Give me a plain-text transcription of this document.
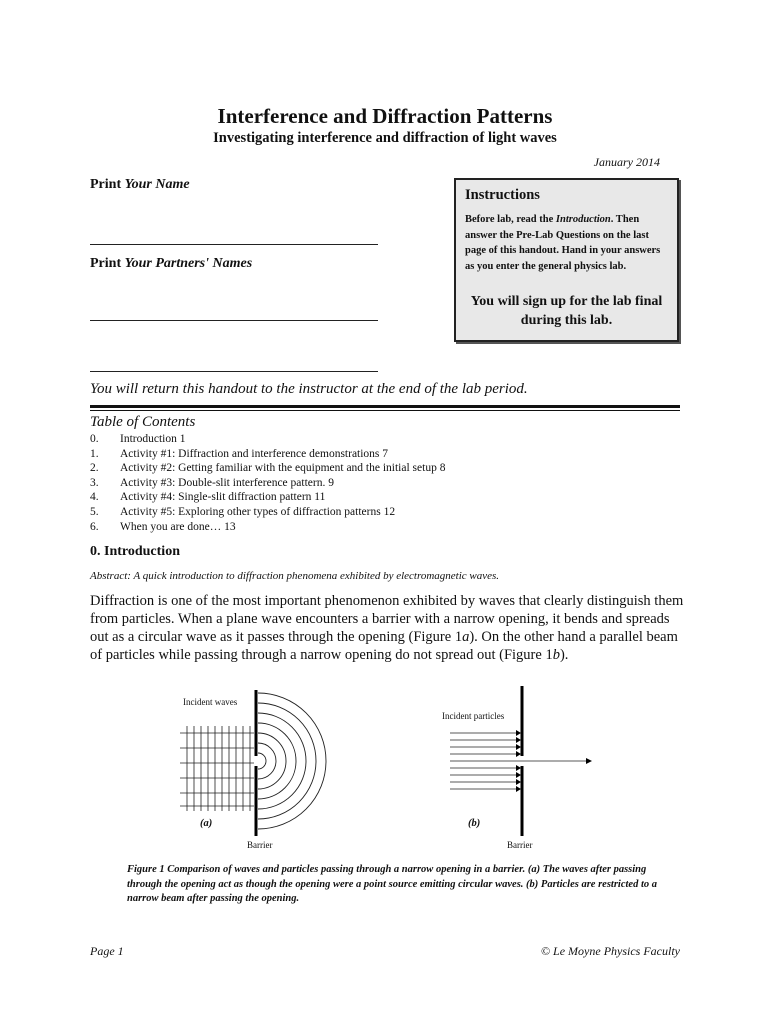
Interference and Diffraction Patterns
Investigating interference and diffraction of light waves
January 2014
Print Your Name
Print Your Partners' Names
Instructions
Before lab, read the Introduction. Then answer the Pre-Lab Questions on the last page of this handout. Hand in your answers as you enter the general physics lab.
You will sign up for the lab final during this lab.
You will return this handout to the instructor at the end of the lab period.
Table of Contents
0.	Introduction 1
1.	Activity #1: Diffraction and interference demonstrations 7
2.	Activity #2: Getting familiar with the equipment and the initial setup 8
3.	Activity #3: Double-slit interference pattern. 9
4.	Activity #4: Single-slit diffraction pattern 11
5.	Activity #5: Exploring other types of diffraction patterns 12
6.	When you are done… 13
0. Introduction
Abstract: A quick introduction to diffraction phenomena exhibited by electromagnetic waves.
Diffraction is one of the most important phenomenon exhibited by waves that clearly distinguish them from particles. When a plane wave encounters a barrier with a narrow opening, it bends and spreads out as a circular wave as it passes through the opening (Figure 1a). On the other hand a parallel beam of particles while passing through a narrow opening do not spread out (Figure 1b).
Incident waves
Incident particles
(a)	(b)
Barrier	Barrier
Figure 1 Comparison of waves and particles passing through a narrow opening in a barrier. (a) The waves after passing through the opening act as though the opening were a point source emitting circular waves. (b) Particles are restricted to a narrow beam after passing the opening.
Page 1	© Le Moyne Physics Faculty
